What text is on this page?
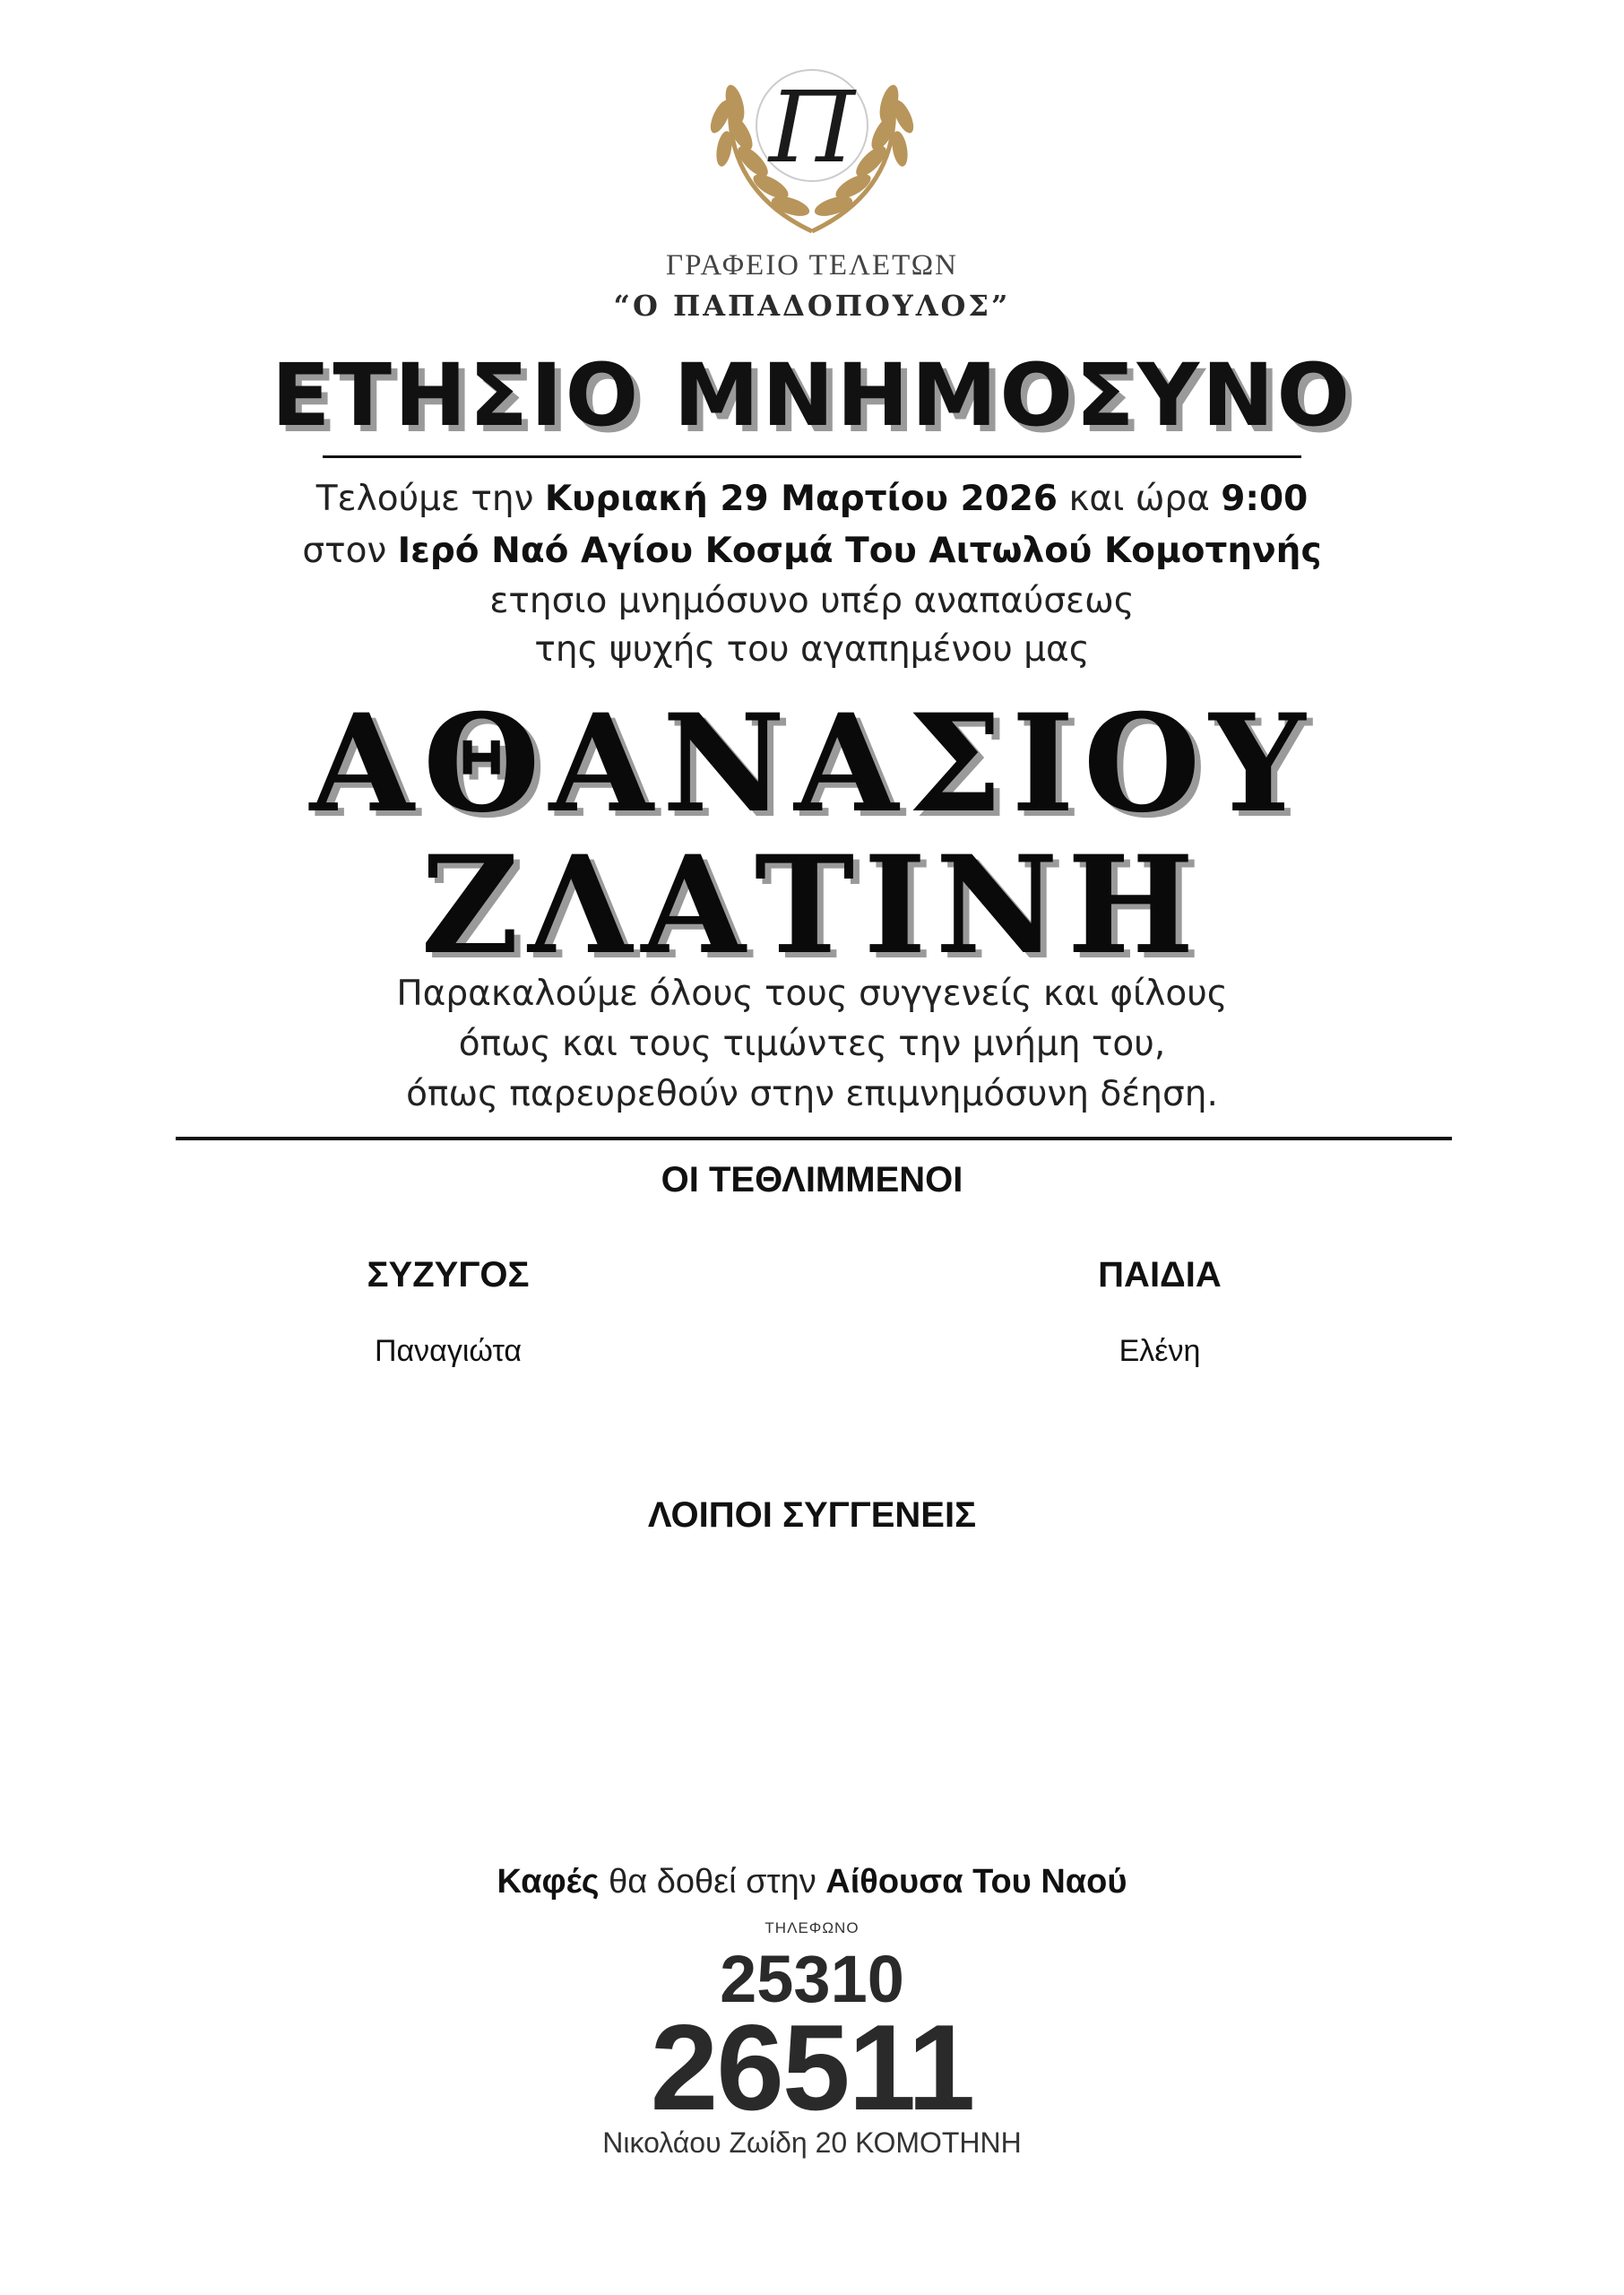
Π
ΓΡΑΦΕΙΟ ΤΕΛΕΤΩΝ
“Ο ΠΑΠΑΔΟΠΟΥΛΟΣ”
ΕΤΗΣΙΟ ΜΝΗΜΟΣΥΝΟ
Τελούμε την Κυριακή 29 Μαρτίου 2026 και ώρα 9:00
στον Ιερό Ναό Αγίου Κοσμά Του Αιτωλού Κομοτηνής
ετησιο μνημόσυνο υπέρ αναπαύσεως
της ψυχής του αγαπημένου μας
ΑΘΑΝΑΣΙΟΥ
ΖΛΑΤΙΝΗ
Παρακαλούμε όλους τους συγγενείς και φίλους
όπως και τους τιμώντες την μνήμη του,
όπως παρευρεθούν στην επιμνημόσυνη δέηση.
ΟΙ ΤΕΘΛΙΜΜΕΝΟΙ
ΣΥΖΥΓΟΣ
Παναγιώτα
ΠΑΙΔΙΑ
Ελένη
ΛΟΙΠΟΙ ΣΥΓΓΕΝΕΙΣ
Καφές θα δοθεί στην Αίθουσα Του Ναού
ΤΗΛΕΦΩΝΟ
25310
26511
Νικολάου Ζωίδη 20 ΚΟΜΟΤΗΝΗ
